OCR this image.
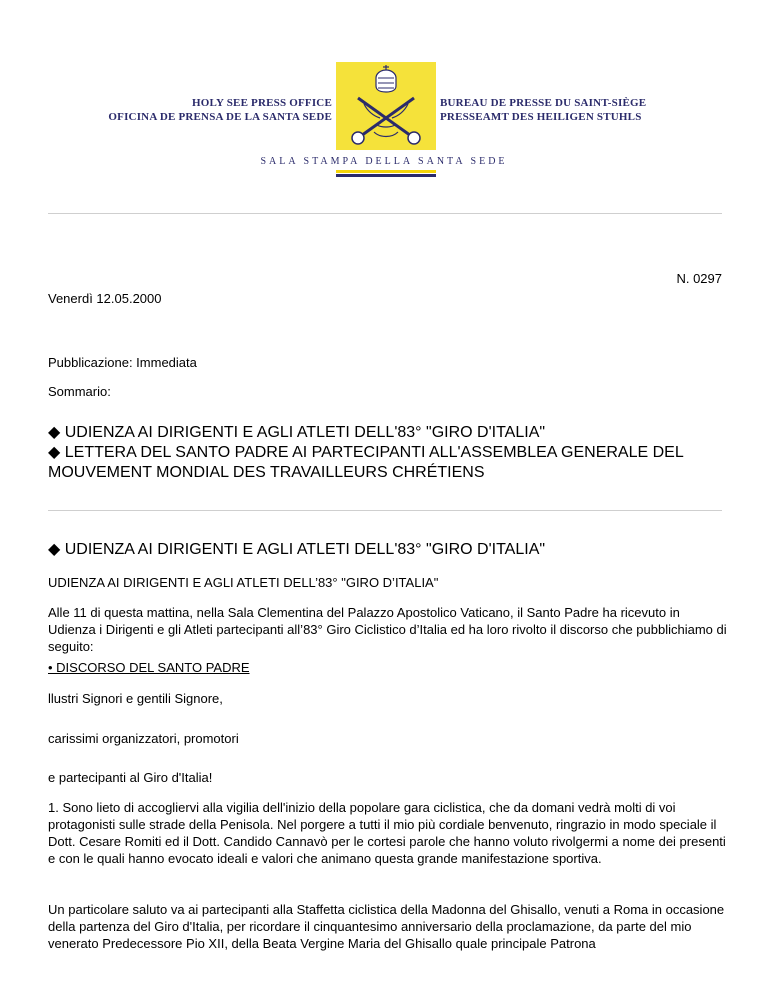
HOLY SEE PRESS OFFICE
OFICINA DE PRENSA DE LA SANTA SEDE
BUREAU DE PRESSE DU SAINT-SIÈGE
PRESSEAMT DES HEILIGEN STUHLS
SALA STAMPA DELLA SANTA SEDE
N. 0297
Venerdì 12.05.2000
Pubblicazione: Immediata
Sommario:
◆ UDIENZA AI DIRIGENTI E AGLI ATLETI DELL'83° "GIRO D'ITALIA"
◆ LETTERA DEL SANTO PADRE AI PARTECIPANTI ALL'ASSEMBLEA GENERALE DEL
MOUVEMENT MONDIAL DES TRAVAILLEURS CHRÉTIENS
◆ UDIENZA AI DIRIGENTI E AGLI ATLETI DELL'83° "GIRO D'ITALIA"
UDIENZA AI DIRIGENTI E AGLI ATLETI DELL’83° "GIRO D’ITALIA"
Alle 11 di questa mattina, nella Sala Clementina del Palazzo Apostolico Vaticano, il Santo Padre ha ricevuto in Udienza i Dirigenti e gli Atleti partecipanti all’83° Giro Ciclistico d’Italia ed ha loro rivolto il discorso che pubblichiamo di seguito:
• DISCORSO DEL SANTO PADRE
llustri Signori e gentili Signore,
carissimi organizzatori, promotori
e partecipanti al Giro d'Italia!
1. Sono lieto di accogliervi alla vigilia dell'inizio della popolare gara ciclistica, che da domani vedrà molti di voi protagonisti sulle strade della Penisola. Nel porgere a tutti il mio più cordiale benvenuto, ringrazio in modo speciale il Dott. Cesare Romiti ed il Dott. Candido Cannavò per le cortesi parole che hanno voluto rivolgermi a nome dei presenti e con le quali hanno evocato ideali e valori che animano questa grande manifestazione sportiva.
Un particolare saluto va ai partecipanti alla Staffetta ciclistica della Madonna del Ghisallo, venuti a Roma in occasione della partenza del Giro d'Italia, per ricordare il cinquantesimo anniversario della proclamazione, da parte del mio venerato Predecessore Pio XII, della Beata Vergine Maria del Ghisallo quale principale Patrona
